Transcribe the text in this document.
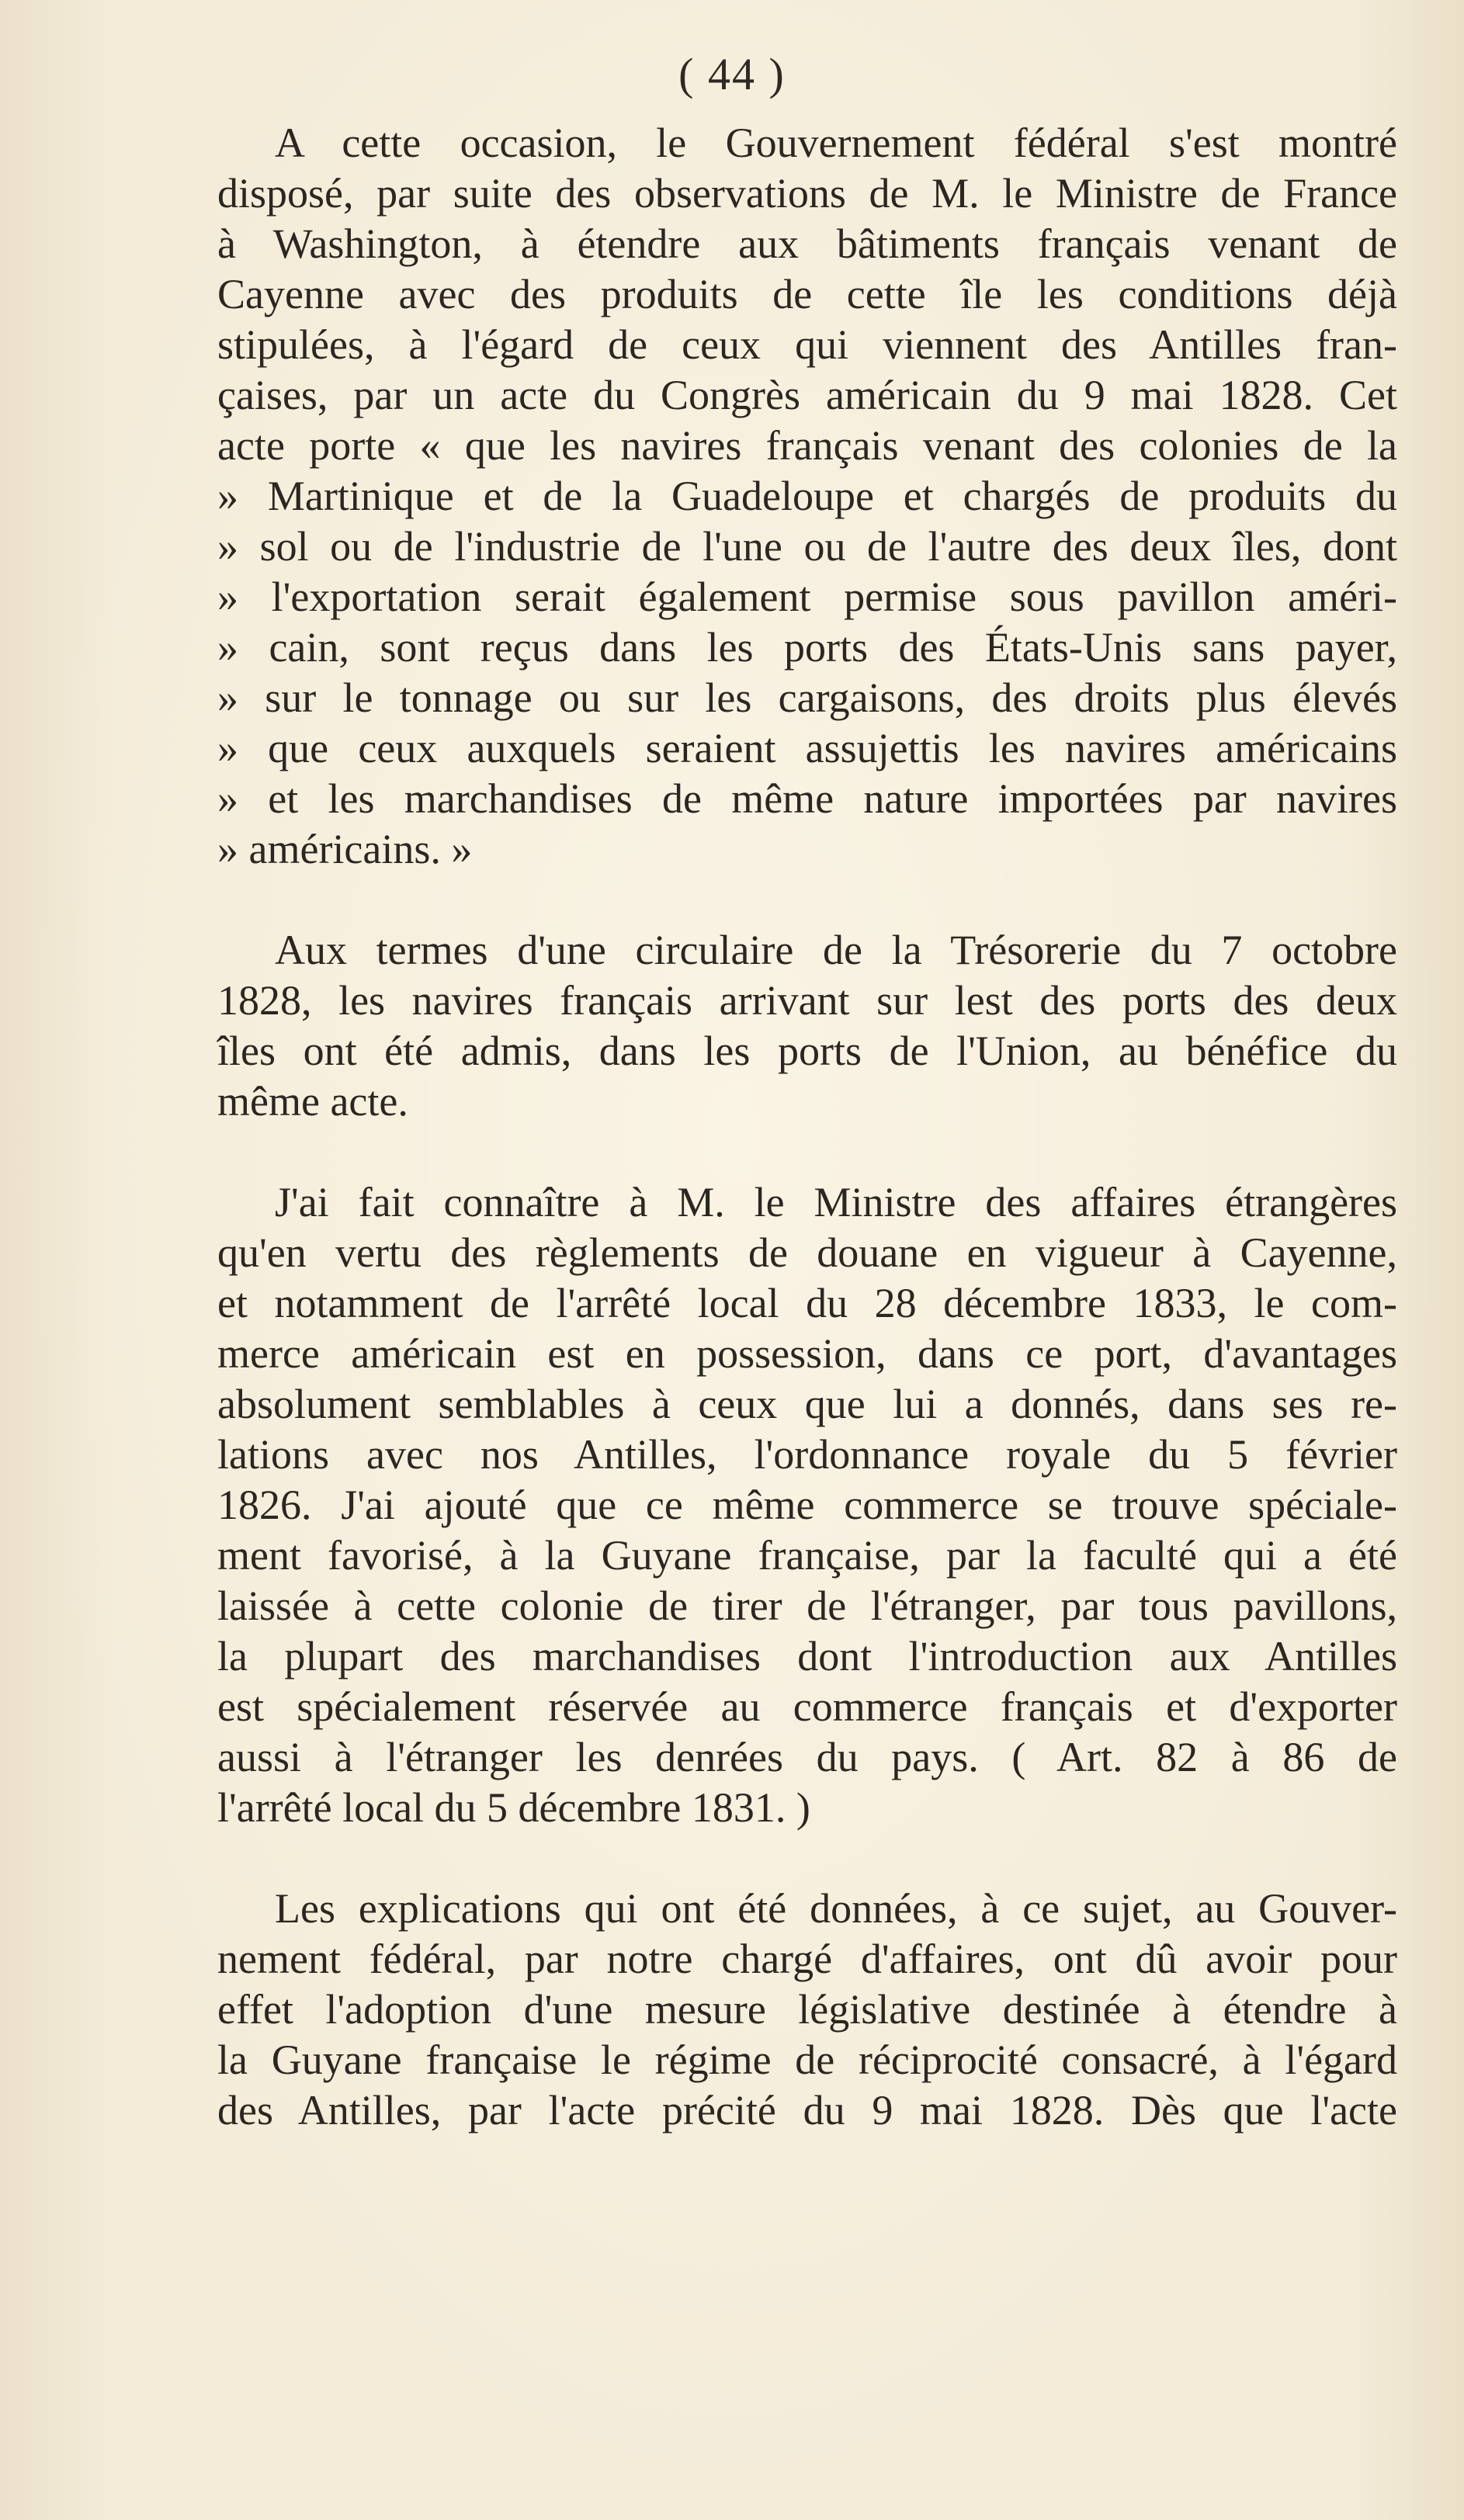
( 44 )

A cette occasion, le Gouvernement fédéral s'est montré
disposé, par suite des observations de M. le Ministre de France
à Washington, à étendre aux bâtiments français venant de
Cayenne avec des produits de cette île les conditions déjà
stipulées, à l'égard de ceux qui viennent des Antilles fran-
çaises, par un acte du Congrès américain du 9 mai 1828. Cet
acte porte « que les navires français venant des colonies de la
» Martinique et de la Guadeloupe et chargés de produits du
» sol ou de l'industrie de l'une ou de l'autre des deux îles, dont
» l'exportation serait également permise sous pavillon améri-
» cain, sont reçus dans les ports des États-Unis sans payer,
» sur le tonnage ou sur les cargaisons, des droits plus élevés
» que ceux auxquels seraient assujettis les navires américains
» et les marchandises de même nature importées par navires
» américains. »

Aux termes d'une circulaire de la Trésorerie du 7 octobre
1828, les navires français arrivant sur lest des ports des deux
îles ont été admis, dans les ports de l'Union, au bénéfice du
même acte.

J'ai fait connaître à M. le Ministre des affaires étrangères
qu'en vertu des règlements de douane en vigueur à Cayenne,
et notamment de l'arrêté local du 28 décembre 1833, le com-
merce américain est en possession, dans ce port, d'avantages
absolument semblables à ceux que lui a donnés, dans ses re-
lations avec nos Antilles, l'ordonnance royale du 5 février
1826. J'ai ajouté que ce même commerce se trouve spéciale-
ment favorisé, à la Guyane française, par la faculté qui a été
laissée à cette colonie de tirer de l'étranger, par tous pavillons,
la plupart des marchandises dont l'introduction aux Antilles
est spécialement réservée au commerce français et d'exporter
aussi à l'étranger les denrées du pays. ( Art. 82 à 86 de
l'arrêté local du 5 décembre 1831. )

Les explications qui ont été données, à ce sujet, au Gouver-
nement fédéral, par notre chargé d'affaires, ont dû avoir pour
effet l'adoption d'une mesure législative destinée à étendre à
la Guyane française le régime de réciprocité consacré, à l'égard
des Antilles, par l'acte précité du 9 mai 1828. Dès que l'acte
